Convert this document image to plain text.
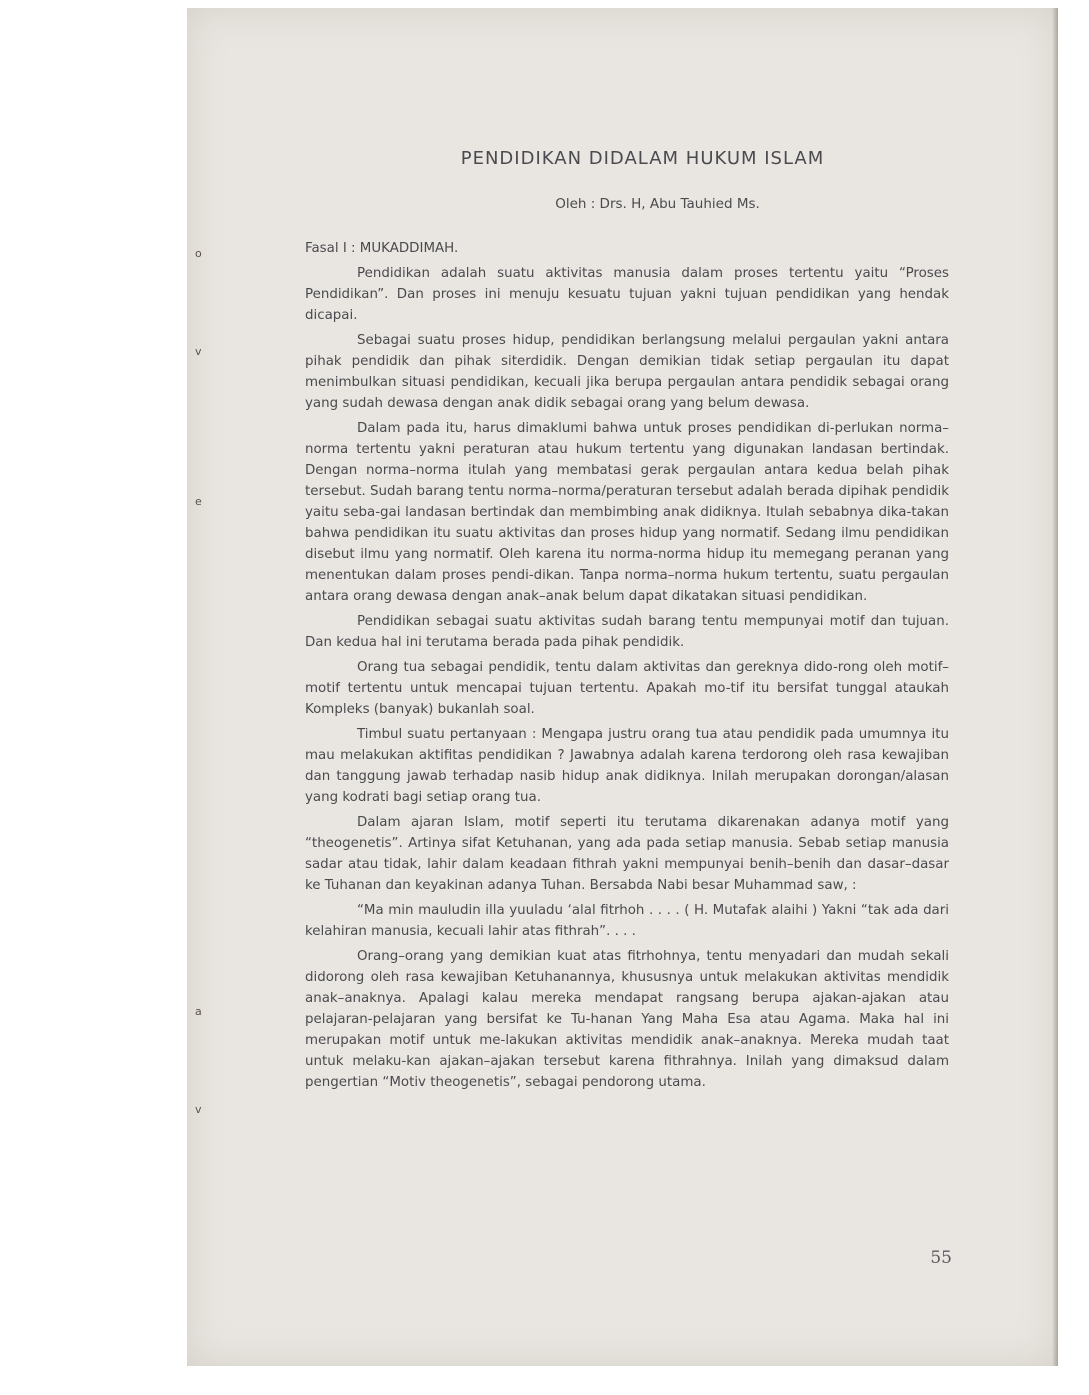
o
v
e
a
v
PENDIDIKAN DIDALAM HUKUM ISLAM

Oleh : Drs. H, Abu Tauhied Ms.

Fasal I : MUKADDIMAH.

Pendidikan adalah suatu aktivitas manusia dalam proses tertentu yaitu “Proses Pendidikan”. Dan proses ini menuju kesuatu tujuan yakni tujuan pendidikan yang hendak dicapai.

Sebagai suatu proses hidup, pendidikan berlangsung melalui pergaulan yakni antara pihak pendidik dan pihak siterdidik. Dengan demikian tidak setiap pergaulan itu dapat menimbulkan situasi pendidikan, kecuali jika berupa pergaulan antara pendidik sebagai orang yang sudah dewasa dengan anak didik sebagai orang yang belum dewasa.

Dalam pada itu, harus dimaklumi bahwa untuk proses pendidikan di-perlukan norma–norma tertentu yakni peraturan atau hukum tertentu yang digunakan landasan bertindak. Dengan norma–norma itulah yang membatasi gerak pergaulan antara kedua belah pihak tersebut. Sudah barang tentu norma–norma/peraturan tersebut adalah berada dipihak pendidik yaitu seba-gai landasan bertindak dan membimbing anak didiknya. Itulah sebabnya dika-takan bahwa pendidikan itu suatu aktivitas dan proses hidup yang normatif. Sedang ilmu pendidikan disebut ilmu yang normatif. Oleh karena itu norma-norma hidup itu memegang peranan yang menentukan dalam proses pendi-dikan. Tanpa norma–norma hukum tertentu, suatu pergaulan antara orang dewasa dengan anak–anak belum dapat dikatakan situasi pendidikan.

Pendidikan sebagai suatu aktivitas sudah barang tentu mempunyai motif dan tujuan. Dan kedua hal ini terutama berada pada pihak pendidik.

Orang tua sebagai pendidik, tentu dalam aktivitas dan gereknya dido-rong oleh motif–motif tertentu untuk mencapai tujuan tertentu. Apakah mo-tif itu bersifat tunggal ataukah Kompleks (banyak) bukanlah soal.

Timbul suatu pertanyaan : Mengapa justru orang tua atau pendidik pada umumnya itu mau melakukan aktifitas pendidikan ? Jawabnya adalah karena terdorong oleh rasa kewajiban dan tanggung jawab terhadap nasib hidup anak didiknya. Inilah merupakan dorongan/alasan yang kodrati bagi setiap orang tua.

Dalam ajaran Islam, motif seperti itu terutama dikarenakan adanya motif yang “theogenetis”. Artinya sifat Ketuhanan, yang ada pada setiap manusia. Sebab setiap manusia sadar atau tidak, lahir dalam keadaan fithrah yakni mempunyai benih–benih dan dasar–dasar ke Tuhanan dan keyakinan adanya Tuhan. Bersabda Nabi besar Muhammad saw, :

“Ma min mauludin illa yuuladu ‘alal fitrhoh . . . . ( H. Mutafak alaihi ) Yakni “tak ada dari kelahiran manusia, kecuali lahir atas fithrah”. . . .

Orang–orang yang demikian kuat atas fitrhohnya, tentu menyadari dan mudah sekali didorong oleh rasa kewajiban Ketuhanannya, khususnya untuk melakukan aktivitas mendidik anak–anaknya. Apalagi kalau mereka mendapat rangsang berupa ajakan-ajakan atau pelajaran-pelajaran yang bersifat ke Tu-hanan Yang Maha Esa atau Agama. Maka hal ini merupakan motif untuk me-lakukan aktivitas mendidik anak–anaknya. Mereka mudah taat untuk melaku-kan ajakan–ajakan tersebut karena fithrahnya. Inilah yang dimaksud dalam pengertian “Motiv theogenetis”, sebagai pendorong utama.

55
